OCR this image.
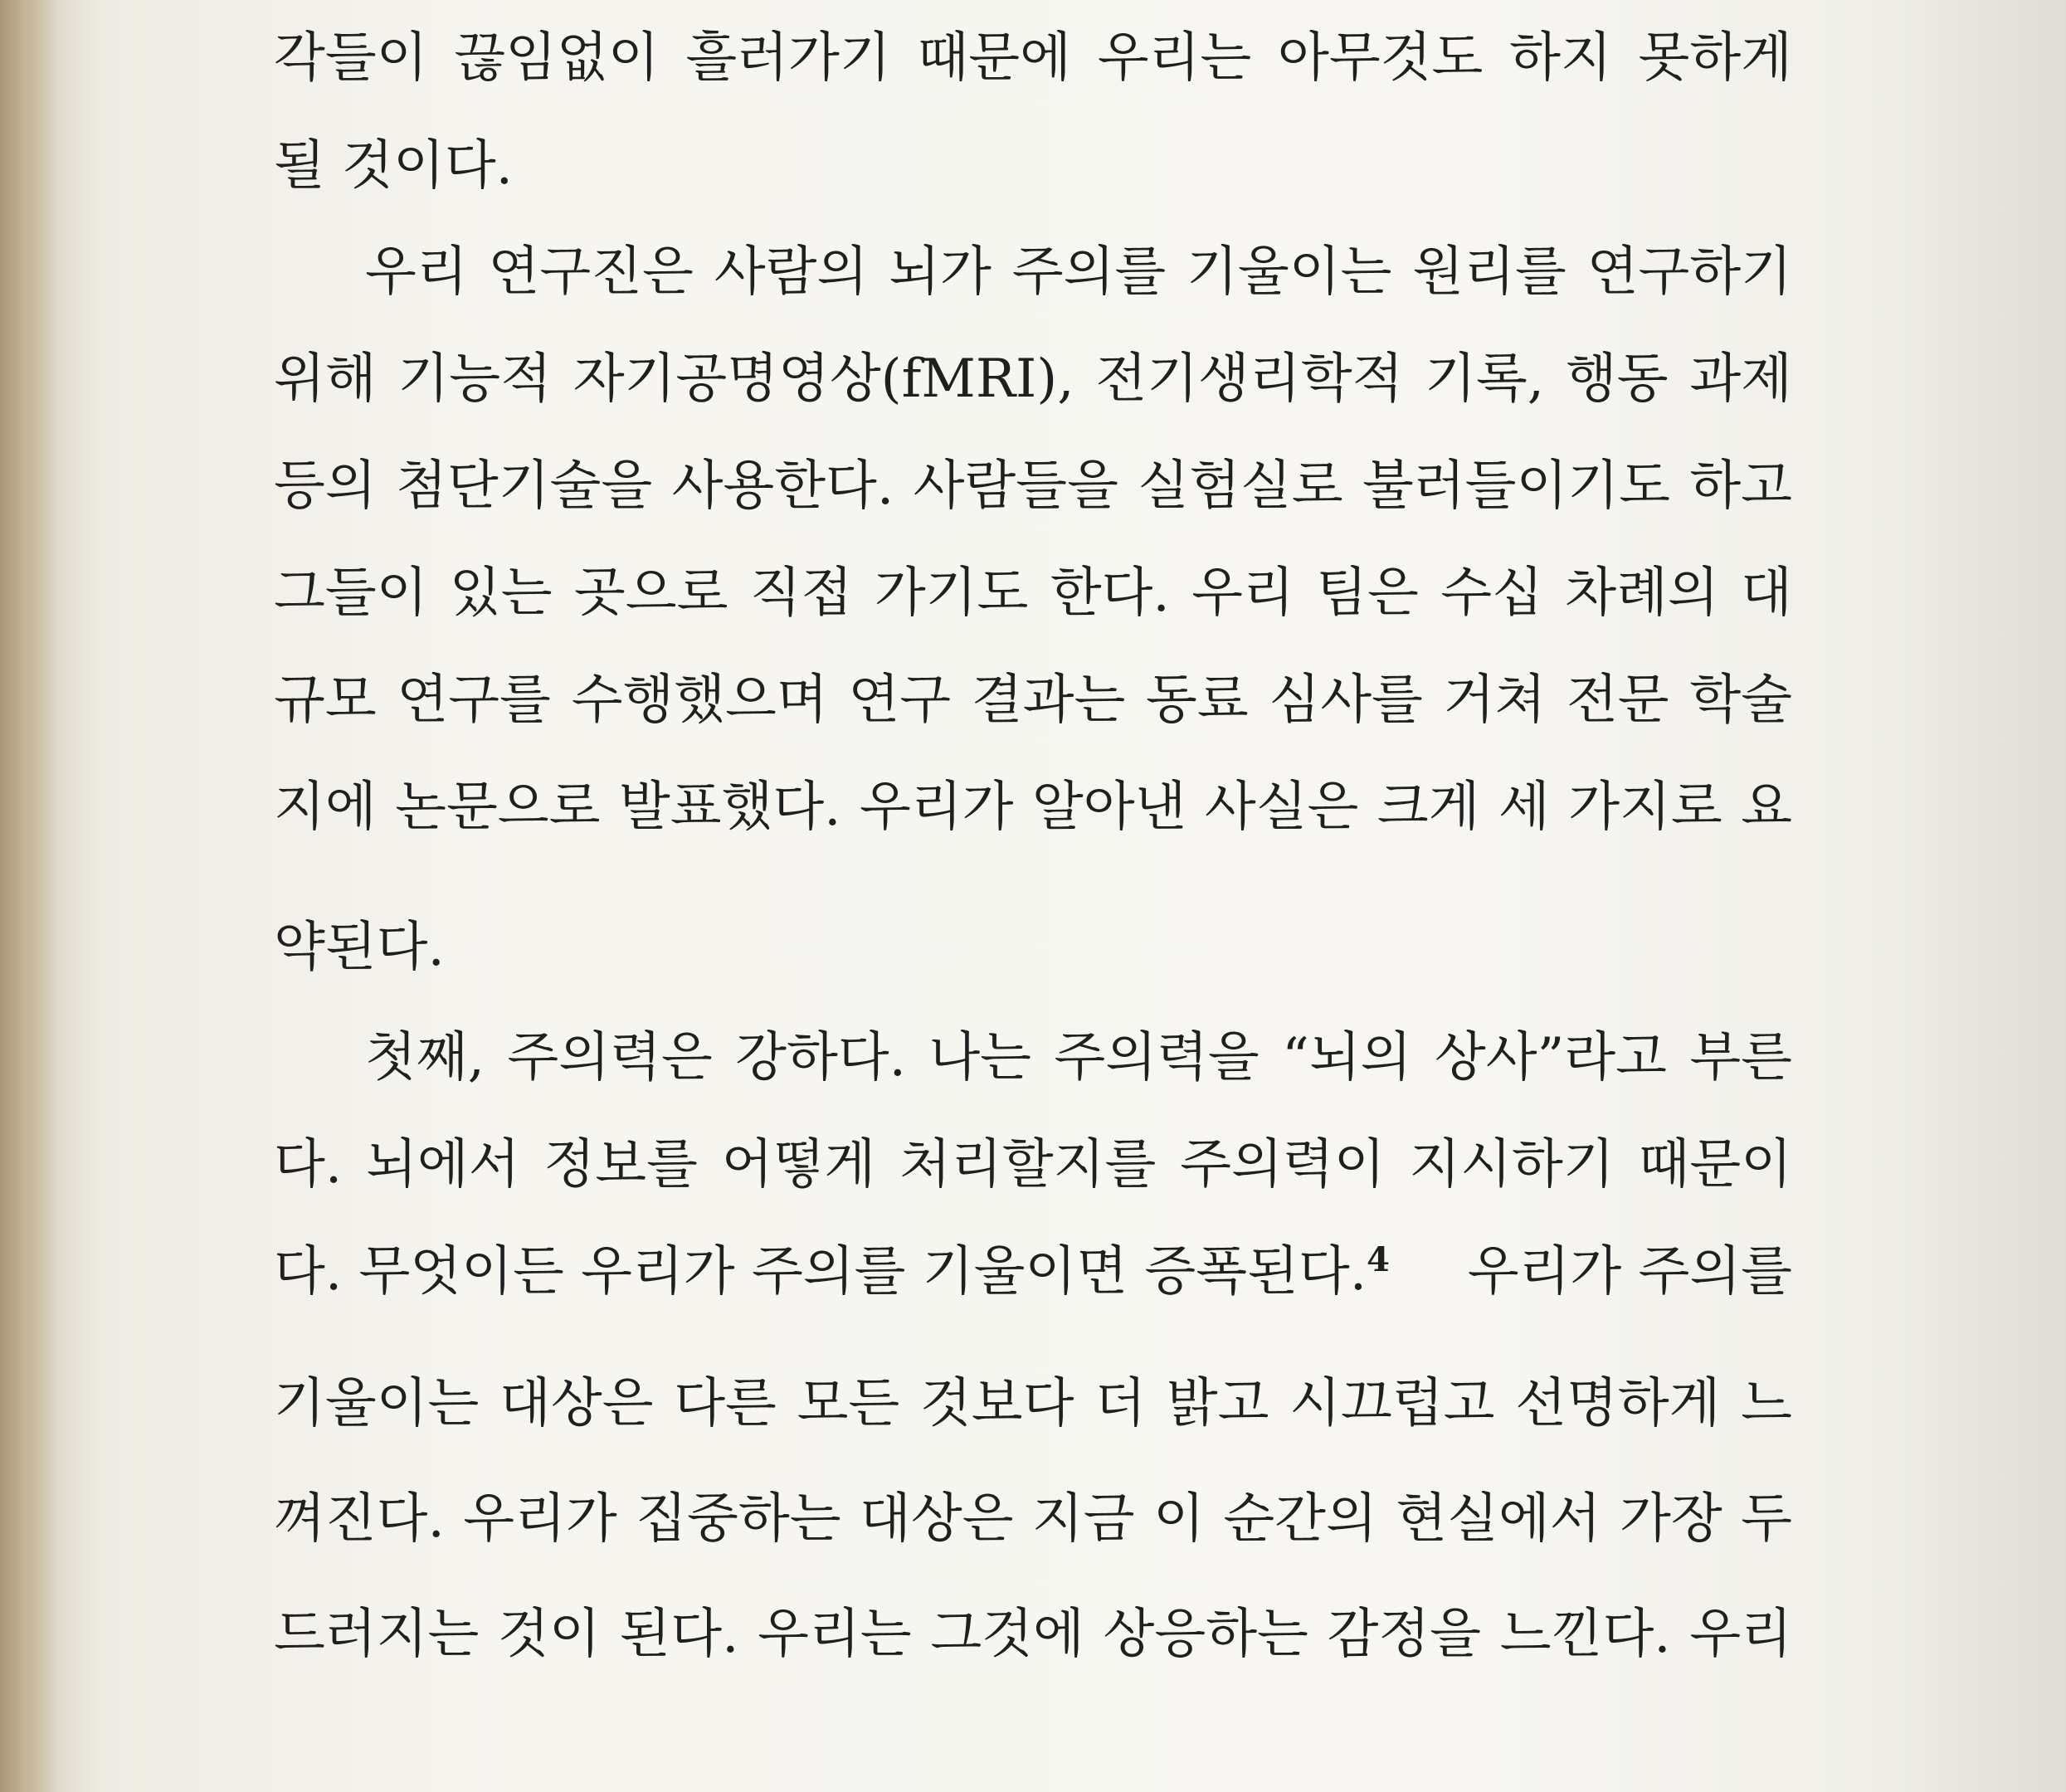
각들이 끊임없이 흘러가기 때문에 우리는 아무것도 하지 못하게
될 것이다.
우리 연구진은 사람의 뇌가 주의를 기울이는 원리를 연구하기
위해 기능적 자기공명영상(fMRI), 전기생리학적 기록, 행동 과제
등의 첨단기술을 사용한다. 사람들을 실험실로 불러들이기도 하고
그들이 있는 곳으로 직접 가기도 한다. 우리 팀은 수십 차례의 대
규모 연구를 수행했으며 연구 결과는 동료 심사를 거쳐 전문 학술
지에 논문으로 발표했다. 우리가 알아낸 사실은 크게 세 가지로 요
약된다.
첫째, 주의력은 강하다. 나는 주의력을 “뇌의 상사”라고 부른
다. 뇌에서 정보를 어떻게 처리할지를 주의력이 지시하기 때문이
다. 무엇이든 우리가 주의를 기울이면 증폭된다.$^4$ 우리가 주의를
기울이는 대상은 다른 모든 것보다 더 밝고 시끄럽고 선명하게 느
껴진다. 우리가 집중하는 대상은 지금 이 순간의 현실에서 가장 두
드러지는 것이 된다. 우리는 그것에 상응하는 감정을 느낀다. 우리
